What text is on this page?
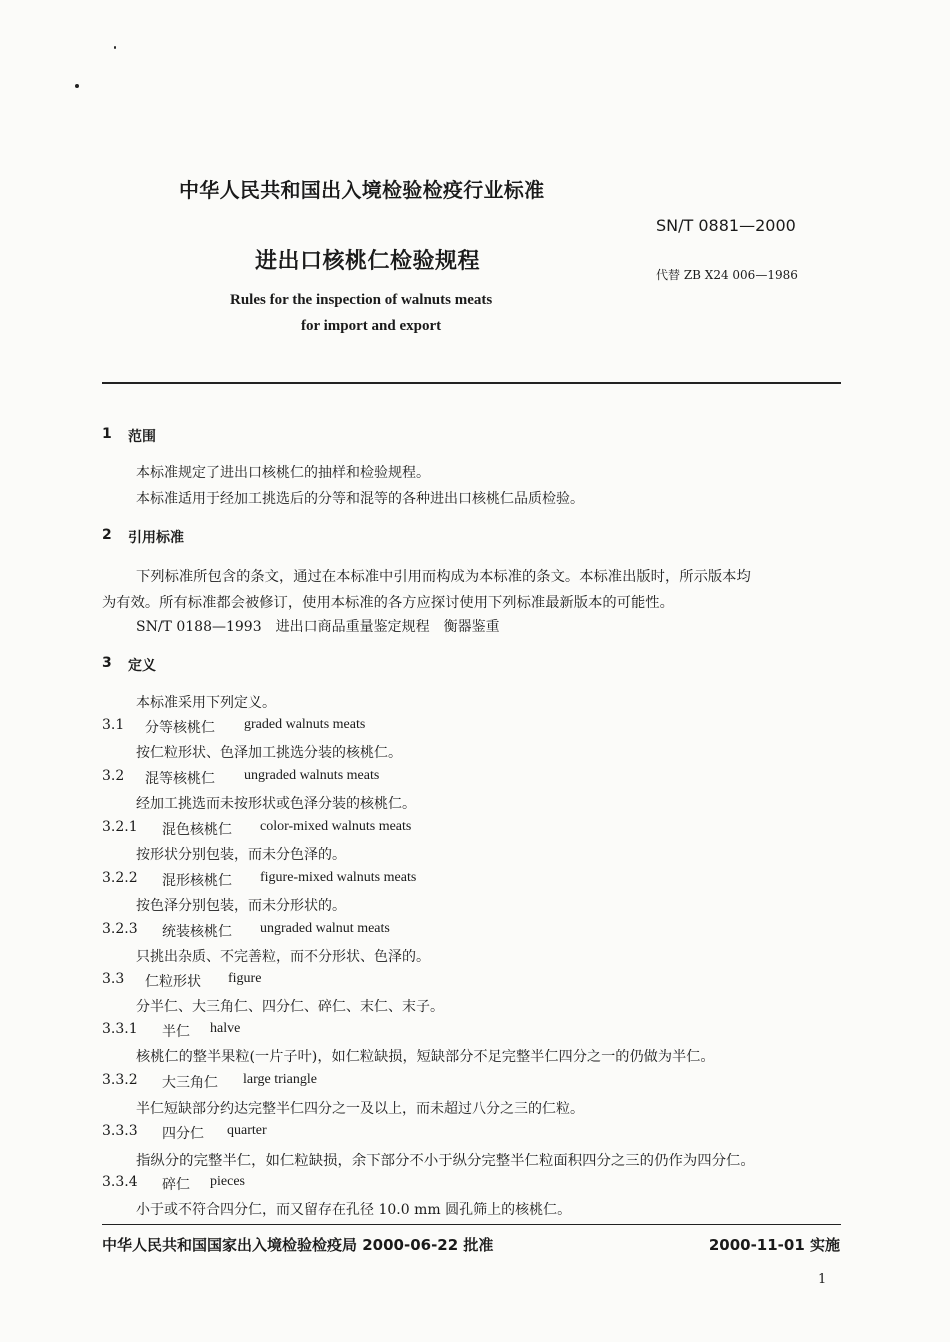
中华人民共和国出入境检验检疫行业标准
SN/T 0881—2000
进出口核桃仁检验规程
代替 ZB X24 006—1986
Rules for the inspection of walnuts meats
for import and export
1 范围
本标准规定了进出口核桃仁的抽样和检验规程。
本标准适用于经加工挑选后的分等和混等的各种进出口核桃仁品质检验。
2 引用标准
下列标准所包含的条文，通过在本标准中引用而构成为本标准的条文。本标准出版时，所示版本均
为有效。所有标准都会被修订，使用本标准的各方应探讨使用下列标准最新版本的可能性。
SN/T 0188—1993　进出口商品重量鉴定规程　衡器鉴重
3 定义
本标准采用下列定义。
3.1 分等核桃仁 graded walnuts meats
按仁粒形状、色泽加工挑选分装的核桃仁。
3.2 混等核桃仁 ungraded walnuts meats
经加工挑选而未按形状或色泽分装的核桃仁。
3.2.1 混色核桃仁 color-mixed walnuts meats
按形状分别包装，而未分色泽的。
3.2.2 混形核桃仁 figure-mixed walnuts meats
按色泽分别包装，而未分形状的。
3.2.3 统装核桃仁 ungraded walnut meats
只挑出杂质、不完善粒，而不分形状、色泽的。
3.3 仁粒形状 figure
分半仁、大三角仁、四分仁、碎仁、末仁、末子。
3.3.1 半仁 halve
核桃仁的整半果粒(一片子叶)，如仁粒缺损，短缺部分不足完整半仁四分之一的仍做为半仁。
3.3.2 大三角仁 large triangle
半仁短缺部分约达完整半仁四分之一及以上，而未超过八分之三的仁粒。
3.3.3 四分仁 quarter
指纵分的完整半仁，如仁粒缺损，余下部分不小于纵分完整半仁粒面积四分之三的仍作为四分仁。
3.3.4 碎仁 pieces
小于或不符合四分仁，而又留存在孔径 10.0 mm 圆孔筛上的核桃仁。
中华人民共和国国家出入境检验检疫局 2000-06-22 批准	2000-11-01 实施
1
